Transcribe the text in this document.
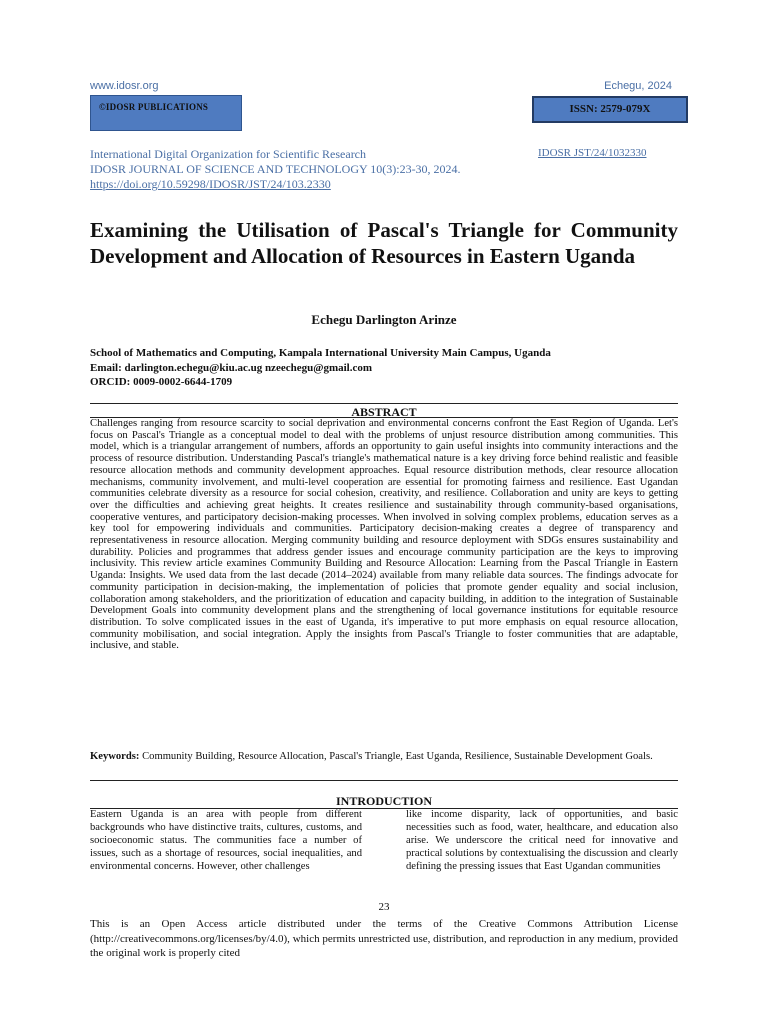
www.idosr.org	Echegu, 2024
©IDOSR PUBLICATIONS	ISSN: 2579-079X
International Digital Organization for Scientific Research
IDOSR JOURNAL OF SCIENCE AND TECHNOLOGY 10(3):23-30, 2024.
https://doi.org/10.59298/IDOSR/JST/24/103.2330
IDOSR JST/24/1032330
Examining the Utilisation of Pascal's Triangle for Community Development and Allocation of Resources in Eastern Uganda
Echegu Darlington Arinze
School of Mathematics and Computing, Kampala International University Main Campus, Uganda
Email: darlington.echegu@kiu.ac.ug nzeechegu@gmail.com
ORCID: 0009-0002-6644-1709
ABSTRACT

Challenges ranging from resource scarcity to social deprivation and environmental concerns confront the East Region of Uganda. Let's focus on Pascal's Triangle as a conceptual model to deal with the problems of unjust resource distribution among communities. This model, which is a triangular arrangement of numbers, affords an opportunity to gain useful insights into community interactions and the process of resource distribution. Understanding Pascal's triangle's mathematical nature is a key driving force behind realistic and feasible resource allocation methods and community development approaches. Equal resource distribution methods, clear resource allocation mechanisms, community involvement, and multi-level cooperation are essential for promoting fairness and resilience. East Ugandan communities celebrate diversity as a resource for social cohesion, creativity, and resilience. Collaboration and unity are keys to getting over the difficulties and achieving great heights. It creates resilience and sustainability through community-based organisations, cooperative ventures, and participatory decision-making processes. When involved in solving complex problems, education serves as a key tool for empowering individuals and communities. Participatory decision-making creates a degree of transparency and representativeness in resource allocation. Merging community building and resource deployment with SDGs ensures sustainability and durability. Policies and programmes that address gender issues and encourage community participation are the keys to improving inclusivity. This review article examines Community Building and Resource Allocation: Learning from the Pascal Triangle in Eastern Uganda: Insights. We used data from the last decade (2014–2024) available from many reliable data sources. The findings advocate for community participation in decision-making, the implementation of policies that promote gender equality and social inclusion, collaboration among stakeholders, and the prioritization of education and capacity building, in addition to the integration of Sustainable Development Goals into community development plans and the strengthening of local governance institutions for equitable resource distribution. To solve complicated issues in the east of Uganda, it's imperative to put more emphasis on equal resource allocation, community mobilisation, and social integration. Apply the insights from Pascal's Triangle to foster communities that are adaptable, inclusive, and stable.

Keywords: Community Building, Resource Allocation, Pascal's Triangle, East Uganda, Resilience, Sustainable Development Goals.

INTRODUCTION

Eastern Uganda is an area with people from different backgrounds who have distinctive traits, cultures, customs, and socioeconomic status. The communities face a number of issues, such as a shortage of resources, social inequalities, and environmental concerns. However, other challenges

like income disparity, lack of opportunities, and basic necessities such as food, water, healthcare, and education also arise. We underscore the critical need for innovative and practical solutions by contextualising the discussion and clearly defining the pressing issues that East Ugandan communities

23

This is an Open Access article distributed under the terms of the Creative Commons Attribution License (http://creativecommons.org/licenses/by/4.0), which permits unrestricted use, distribution, and reproduction in any medium, provided the original work is properly cited
